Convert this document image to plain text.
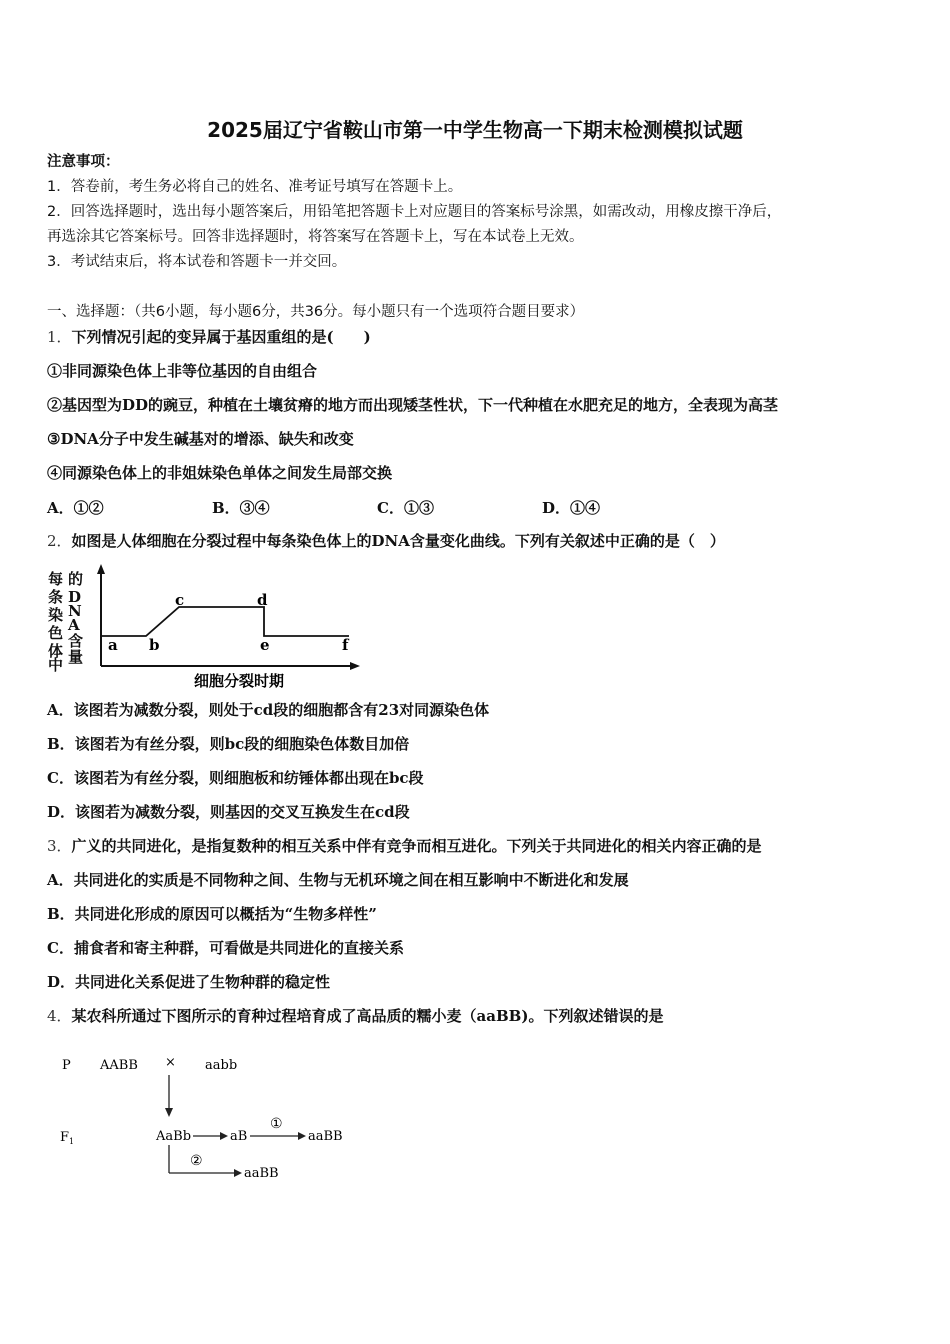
2025届辽宁省鞍山市第一中学生物高一下期末检测模拟试题
注意事项：
1．答卷前，考生务必将自己的姓名、准考证号填写在答题卡上。
2．回答选择题时，选出每小题答案后，用铅笔把答题卡上对应题目的答案标号涂黑，如需改动，用橡皮擦干净后，
再选涂其它答案标号。回答非选择题时，将答案写在答题卡上，写在本试卷上无效。
3．考试结束后，将本试卷和答题卡一并交回。
一、选择题：（共6小题，每小题6分，共36分。每小题只有一个选项符合题目要求）
1．下列情况引起的变异属于基因重组的是(　　)
①非同源染色体上非等位基因的自由组合
②基因型为DD的豌豆，种植在土壤贫瘠的地方而出现矮茎性状，下一代种植在水肥充足的地方，全表现为高茎
③DNA分子中发生碱基对的增添、缺失和改变
④同源染色体上的非姐妹染色单体之间发生局部交换
A．①②	B．③④	C．①③	D．①④
2．如图是人体细胞在分裂过程中每条染色体上的DNA含量变化曲线。下列有关叙述中正确的是（　）
每条染色体中
的 D N A 含量
a b
c	d
e	f
细胞分裂时期
A．该图若为减数分裂，则处于cd段的细胞都含有23对同源染色体
B．该图若为有丝分裂，则bc段的细胞染色体数目加倍
C．该图若为有丝分裂，则细胞板和纺锤体都出现在bc段
D．该图若为减数分裂，则基因的交叉互换发生在cd段
3．广义的共同进化，是指复数种的相互关系中伴有竞争而相互进化。下列关于共同进化的相关内容正确的是
A．共同进化的实质是不同物种之间、生物与无机环境之间在相互影响中不断进化和发展
B．共同进化形成的原因可以概括为“生物多样性”
C．捕食者和寄主种群，可看做是共同进化的直接关系
D．共同进化关系促进了生物种群的稳定性
4．某农科所通过下图所示的育种过程培育成了高品质的糯小麦（aaBB)。下列叙述错误的是
P AABB × aabb
F 1	AaBb	aB
①
aaBB
②
aaBB
